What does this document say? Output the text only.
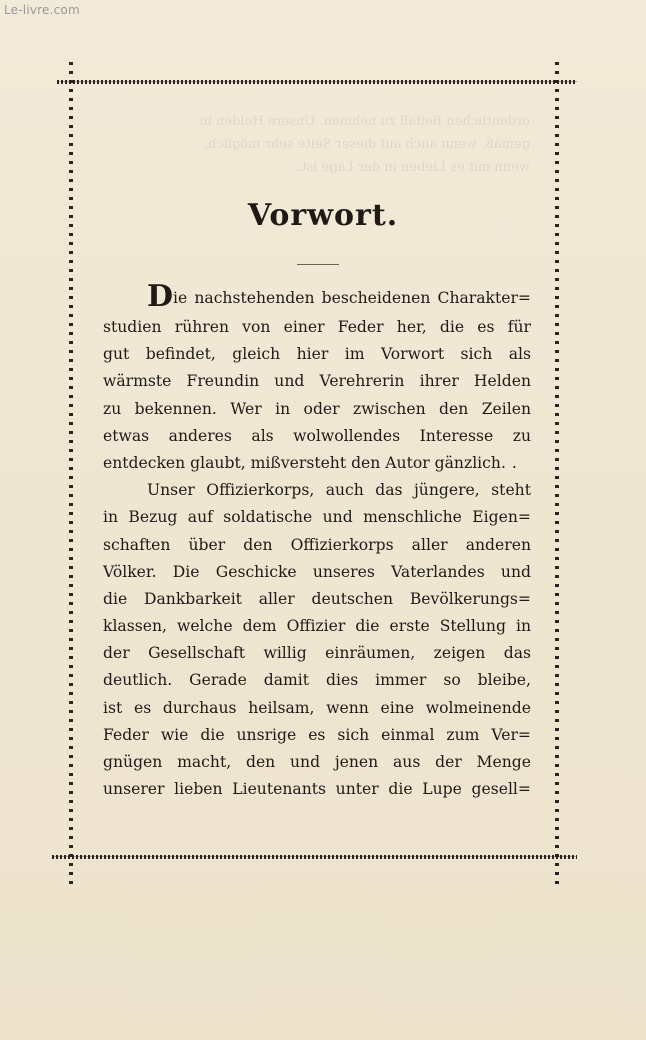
Le-livre.com
ordentlichen Beifall zu nehmen. Unsere Helden in
gemäß, wenn auch auf dieser Seite sehr möglich,
wenn mit es Lieben in der Lage ist.
Vorwort.
Die nachstehenden bescheidenen Charakter=
studien rühren von einer Feder her, die es für
gut befindet, gleich hier im Vorwort sich als
wärmste Freundin und Verehrerin ihrer Helden
zu bekennen. Wer in oder zwischen den Zeilen
etwas anderes als wolwollendes Interesse zu
entdecken glaubt, mißversteht den Autor gänzlich. .
Unser Offizierkorps, auch das jüngere, steht
in Bezug auf soldatische und menschliche Eigen=
schaften über den Offizierkorps aller anderen
Völker. Die Geschicke unseres Vaterlandes und
die Dankbarkeit aller deutschen Bevölkerungs=
klassen, welche dem Offizier die erste Stellung in
der Gesellschaft willig einräumen, zeigen das
deutlich. Gerade damit dies immer so bleibe,
ist es durchaus heilsam, wenn eine wolmeinende
Feder wie die unsrige es sich einmal zum Ver=
gnügen macht, den und jenen aus der Menge
unserer lieben Lieutenants unter die Lupe gesell=
